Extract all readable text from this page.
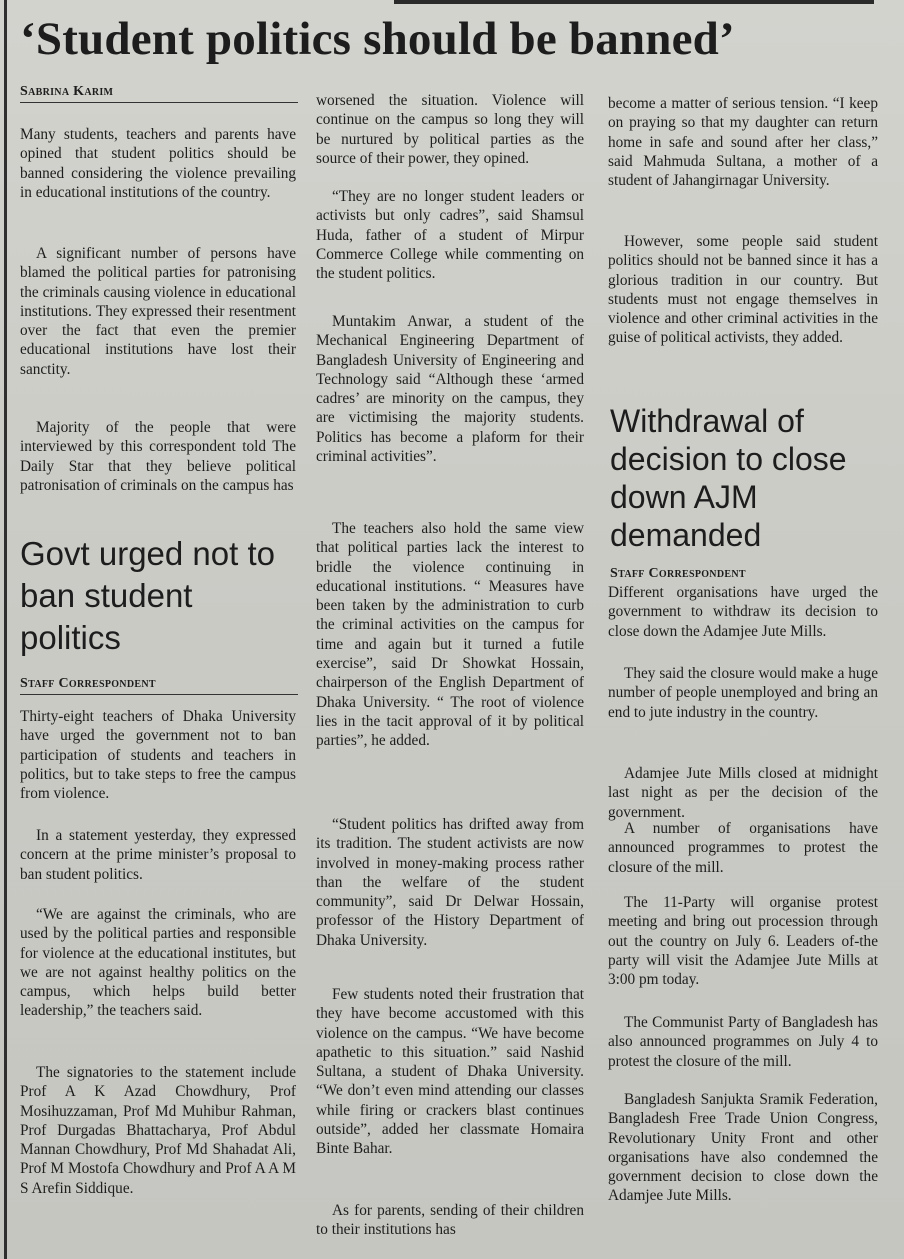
‘Student politics should be banned’
Sabrina Karim

Many students, teachers and parents have opined that student politics should be banned considering the violence prevailing in educational institutions of the country.

A significant number of persons have blamed the political parties for patronising the criminals causing violence in educational institutions. They expressed their resentment over the fact that even the premier educational institutions have lost their sanctity.

Majority of the people that were interviewed by this correspondent told The Daily Star that they believe political patronisation of criminals on the campus has

Govt urged not to ban student politics
Staff Correspondent

Thirty-eight teachers of Dhaka University have urged the government not to ban participation of students and teachers in politics, but to take steps to free the campus from violence.

In a statement yesterday, they expressed concern at the prime minister’s proposal to ban student politics.

“We are against the criminals, who are used by the political parties and responsible for violence at the educational institutes, but we are not against healthy politics on the campus, which helps build better leadership,” the teachers said.

The signatories to the statement include Prof A K Azad Chowdhury, Prof Mosihuzzaman, Prof Md Muhibur Rahman, Prof Durgadas Bhattacharya, Prof Abdul Mannan Chowdhury, Prof Md Shahadat Ali, Prof M Mostofa Chowdhury and Prof A A M S Arefin Siddique.

worsened the situation. Violence will continue on the campus so long they will be nurtured by political parties as the source of their power, they opined.

“They are no longer student leaders or activists but only cadres”, said Shamsul Huda, father of a student of Mirpur Commerce College while commenting on the student politics.

Muntakim Anwar, a student of the Mechanical Engineering Department of Bangladesh University of Engineering and Technology said “Although these ‘armed cadres’ are minority on the campus, they are victimising the majority students. Politics has become a plaform for their criminal activities”.

The teachers also hold the same view that political parties lack the interest to bridle the violence continuing in educational institutions. “ Measures have been taken by the administration to curb the criminal activities on the campus for time and again but it turned a futile exercise”, said Dr Showkat Hossain, chairperson of the English Department of Dhaka University. “ The root of violence lies in the tacit approval of it by political parties”, he added.

“Student politics has drifted away from its tradition. The student activists are now involved in money-making process rather than the welfare of the student community”, said Dr Delwar Hossain, professor of the History Department of Dhaka University.

Few students noted their frustration that they have become accustomed with this violence on the campus. “We have become apathetic to this situation.” said Nashid Sultana, a student of Dhaka University. “We don’t even mind attending our classes while firing or crackers blast continues outside”, added her classmate Homaira Binte Bahar.

As for parents, sending of their children to their institutions has

become a matter of serious tension. “I keep on praying so that my daughter can return home in safe and sound after her class,” said Mahmuda Sultana, a mother of a student of Jahangirnagar University.

However, some people said student politics should not be banned since it has a glorious tradition in our country. But students must not engage themselves in violence and other criminal activities in the guise of political activists, they added.

Withdrawal of decision to close down AJM demanded
Staff Correspondent

Different organisations have urged the government to withdraw its decision to close down the Adamjee Jute Mills.

They said the closure would make a huge number of people unemployed and bring an end to jute industry in the country.

Adamjee Jute Mills closed at midnight last night as per the decision of the government.

A number of organisations have announced programmes to protest the closure of the mill.

The 11-Party will organise protest meeting and bring out procession through out the country on July 6. Leaders of-the party will visit the Adamjee Jute Mills at 3:00 pm today.

The Communist Party of Bangladesh has also announced programmes on July 4 to protest the closure of the mill.

Bangladesh Sanjukta Sramik Federation, Bangladesh Free Trade Union Congress, Revolutionary Unity Front and other organisations have also condemned the government decision to close down the Adamjee Jute Mills.
